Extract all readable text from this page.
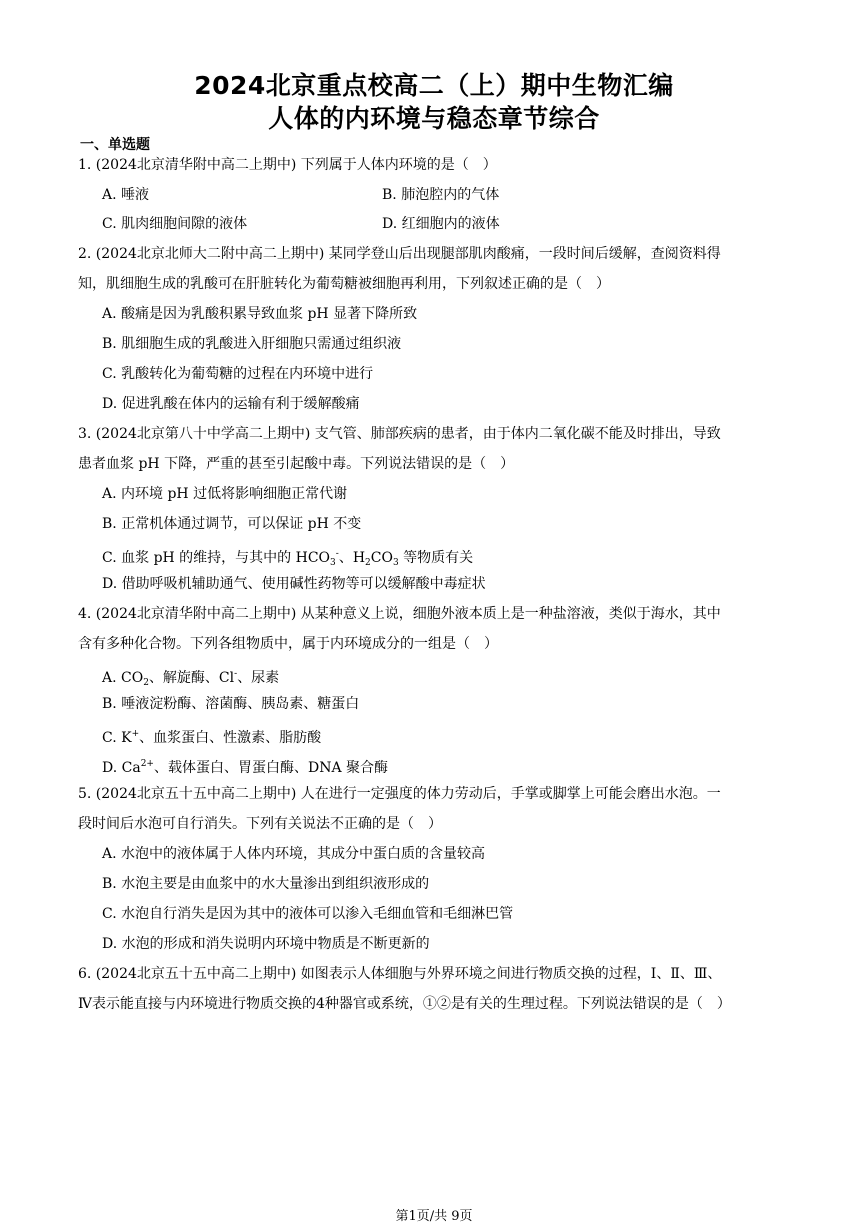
2024北京重点校高二（上）期中生物汇编
人体的内环境与稳态章节综合
一、单选题
1. (2024北京清华附中高二上期中) 下列属于人体内环境的是（　）
A. 唾液	B. 肺泡腔内的气体
C. 肌肉细胞间隙的液体	D. 红细胞内的液体
2. (2024北京北师大二附中高二上期中) 某同学登山后出现腿部肌肉酸痛，一段时间后缓解，查阅资料得
知，肌细胞生成的乳酸可在肝脏转化为葡萄糖被细胞再利用，下列叙述正确的是（　）
A. 酸痛是因为乳酸积累导致血浆 pH 显著下降所致
B. 肌细胞生成的乳酸进入肝细胞只需通过组织液
C. 乳酸转化为葡萄糖的过程在内环境中进行
D. 促进乳酸在体内的运输有利于缓解酸痛
3. (2024北京第八十中学高二上期中) 支气管、肺部疾病的患者，由于体内二氧化碳不能及时排出，导致
患者血浆 pH 下降，严重的甚至引起酸中毒。下列说法错误的是（　）
A. 内环境 pH 过低将影响细胞正常代谢
B. 正常机体通过调节，可以保证 pH 不变
C. 血浆 pH 的维持，与其中的 $HCO_3^-$、$H_2CO_3$ 等物质有关
D. 借助呼吸机辅助通气、使用碱性药物等可以缓解酸中毒症状
4. (2024北京清华附中高二上期中) 从某种意义上说，细胞外液本质上是一种盐溶液，类似于海水，其中
含有多种化合物。下列各组物质中，属于内环境成分的一组是（　）
A. $CO_2$、解旋酶、Cl-、尿素
B. 唾液淀粉酶、溶菌酶、胰岛素、糖蛋白
C. K+、血浆蛋白、性激素、脂肪酸
D. $Ca^{2+}$、载体蛋白、胃蛋白酶、DNA 聚合酶
5. (2024北京五十五中高二上期中) 人在进行一定强度的体力劳动后，手掌或脚掌上可能会磨出水泡。一
段时间后水泡可自行消失。下列有关说法不正确的是（　）
A. 水泡中的液体属于人体内环境，其成分中蛋白质的含量较高
B. 水泡主要是由血浆中的水大量渗出到组织液形成的
C. 水泡自行消失是因为其中的液体可以渗入毛细血管和毛细淋巴管
D. 水泡的形成和消失说明内环境中物质是不断更新的
6. (2024北京五十五中高二上期中) 如图表示人体细胞与外界环境之间进行物质交换的过程，Ⅰ、Ⅱ、Ⅲ、
Ⅳ表示能直接与内环境进行物质交换的4种器官或系统，①②是有关的生理过程。下列说法错误的是（　）
第1页/共 9页
